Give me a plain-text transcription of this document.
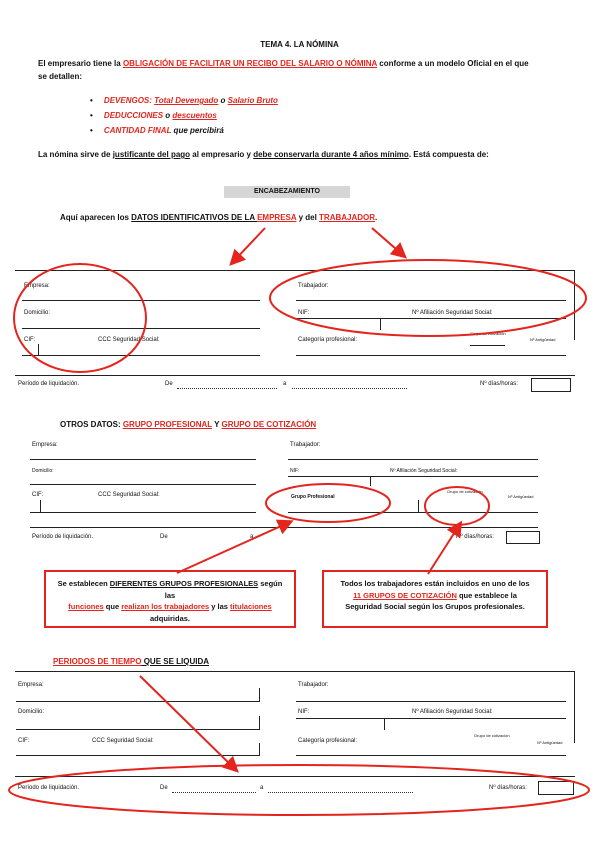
TEMA 4. LA NÓMINA
El empresario tiene la OBLIGACIÓN DE FACILITAR UN RECIBO DEL SALARIO O NÓMINA conforme a un modelo Oficial en el que
se detallen:
•     DEVENGOS: Total Devengado o Salario Bruto
•     DEDUCCIONES o descuentos
•     CANTIDAD FINAL que percibirá
La nómina sirve de justificante del pago al empresario y debe conservarla durante 4 años mínimo. Está compuesta de:
ENCABEZAMIENTO
Aquí aparecen los DATOS IDENTIFICATIVOS DE LA EMPRESA y del TRABAJADOR.
Empresa:	Trabajador:
Domicilio:	NIF:	Nº Afiliación Seguridad Social:
CIF:	CCC Seguridad Social:	Categoría profesional:
Grupo de cotización
Nº Antigüedad
Período de liquidación.	De	a	Nº días/horas:
OTROS DATOS: GRUPO PROFESIONAL Y GRUPO DE COTIZACIÓN
Empresa:	Trabajador:
Domicilio:	NIF:	Nº Afiliación Seguridad Social:
CIF:	CCC Seguridad Social:	Grupo Profesional
Grupo de cotización
Nº Antigüedad
Período de liquidación.	De	a	Nº días/horas:
Se establecen DIFERENTES GRUPOS PROFESIONALES según las
funciones que realizan los trabajadores y las titulaciones
adquiridas.
Todos los trabajadores están incluidos en uno de los
11 GRUPOS DE COTIZACIÓN que establece la
Seguridad Social según los Grupos profesionales.
PERIODOS DE TIEMPO QUE SE LIQUIDA
Empresa:	Trabajador:
Domicilio:	NIF:	Nº Afiliación Seguridad Social:
CIF:	CCC Seguridad Social:	Categoría profesional:
Grupo de cotización
Nº Antigüedad
Período de liquidación.	De	a	Nº días/horas:
